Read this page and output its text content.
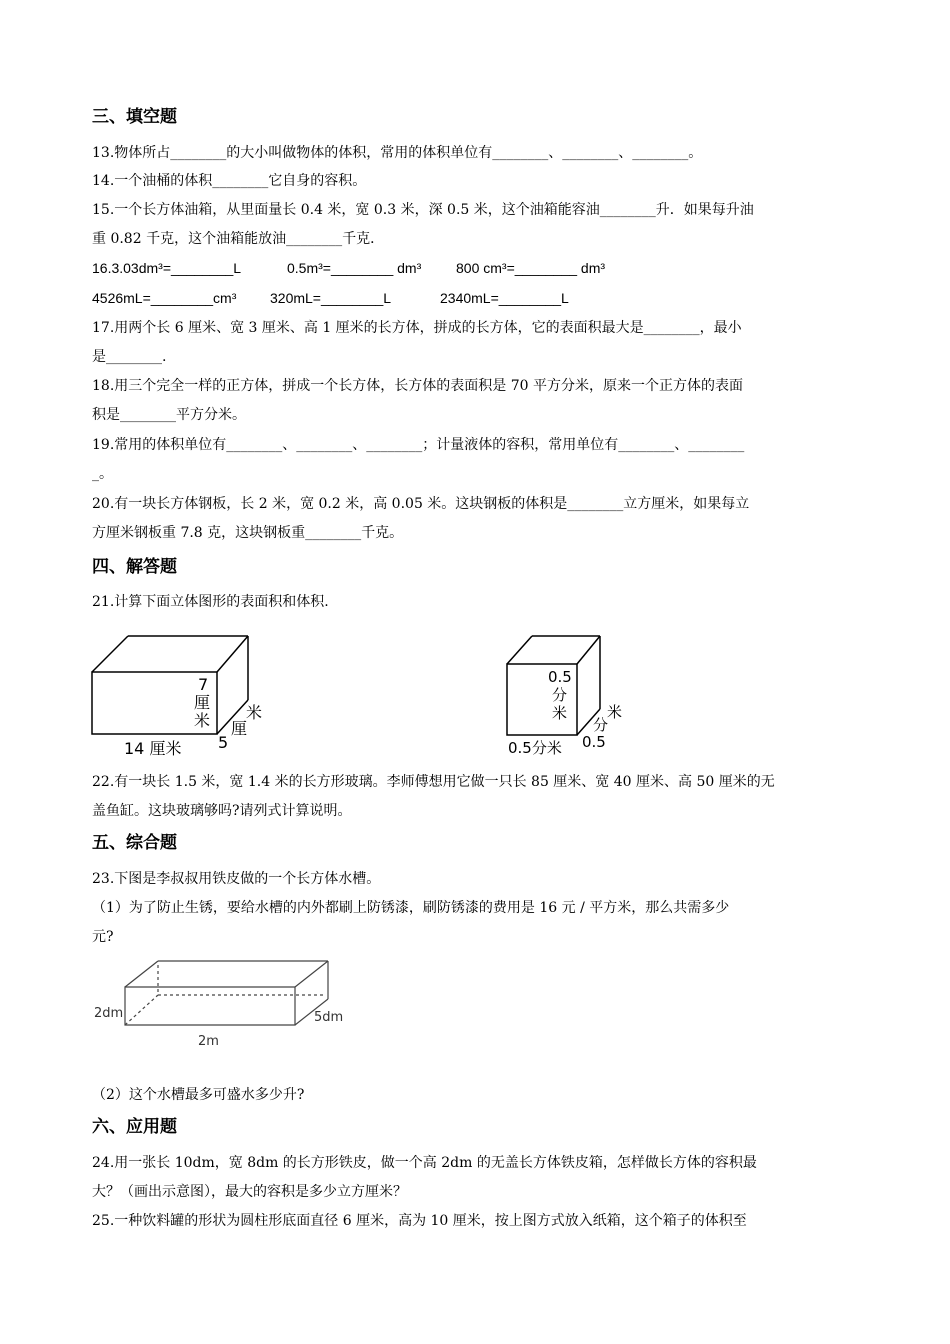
三、填空题
13.物体所占________的大小叫做物体的体积，常用的体积单位有________、________、________。
14.一个油桶的体积________它自身的容积。
15.一个长方体油箱，从里面量长 0.4 米，宽 0.3 米，深 0.5 米，这个油箱能容油________升．如果每升油
重 0.82 千克，这个油箱能放油________千克．
16.3.03dm³=________L	0.5m³=________ dm³	800 cm³=________ dm³
4526mL=________cm³	320mL=________L	2340mL=________L
17.用两个长 6 厘米、宽 3 厘米、高 1 厘米的长方体，拼成的长方体，它的表面积最大是________，最小
是________.
18.用三个完全一样的正方体，拼成一个长方体，长方体的表面积是 70 平方分米，原来一个正方体的表面
积是________平方分米。
19.常用的体积单位有________、________、________；计量液体的容积，常用单位有________、________
_。
20.有一块长方体钢板，长 2 米，宽 0.2 米，高 0.05 米。这块钢板的体积是________立方厘米，如果每立
方厘米钢板重 7.8 克，这块钢板重________千克。
四、解答题
21.计算下面立体图形的表面积和体积.
7
厘
米
14 厘米 5
厘
米
0.5
分
米
0.5分米 0.5
分
米
22.有一块长 1.5 米，宽 1.4 米的长方形玻璃。李师傅想用它做一只长 85 厘米、宽 40 厘米、高 50 厘米的无
盖鱼缸。这块玻璃够吗?请列式计算说明。
五、综合题
23.下图是李叔叔用铁皮做的一个长方体水槽。
（1）为了防止生锈，要给水槽的内外都刷上防锈漆，刷防锈漆的费用是 16 元 / 平方米，那么共需多少
元?
2dm	5dm
2m
（2）这个水槽最多可盛水多少升?
六、应用题
24.用一张长 10dm，宽 8dm 的长方形铁皮，做一个高 2dm 的无盖长方体铁皮箱，怎样做长方体的容积最
大？（画出示意图），最大的容积是多少立方厘米？
25.一种饮料罐的形状为圆柱形底面直径 6 厘米，高为 10 厘米，按上图方式放入纸箱，这个箱子的体积至
